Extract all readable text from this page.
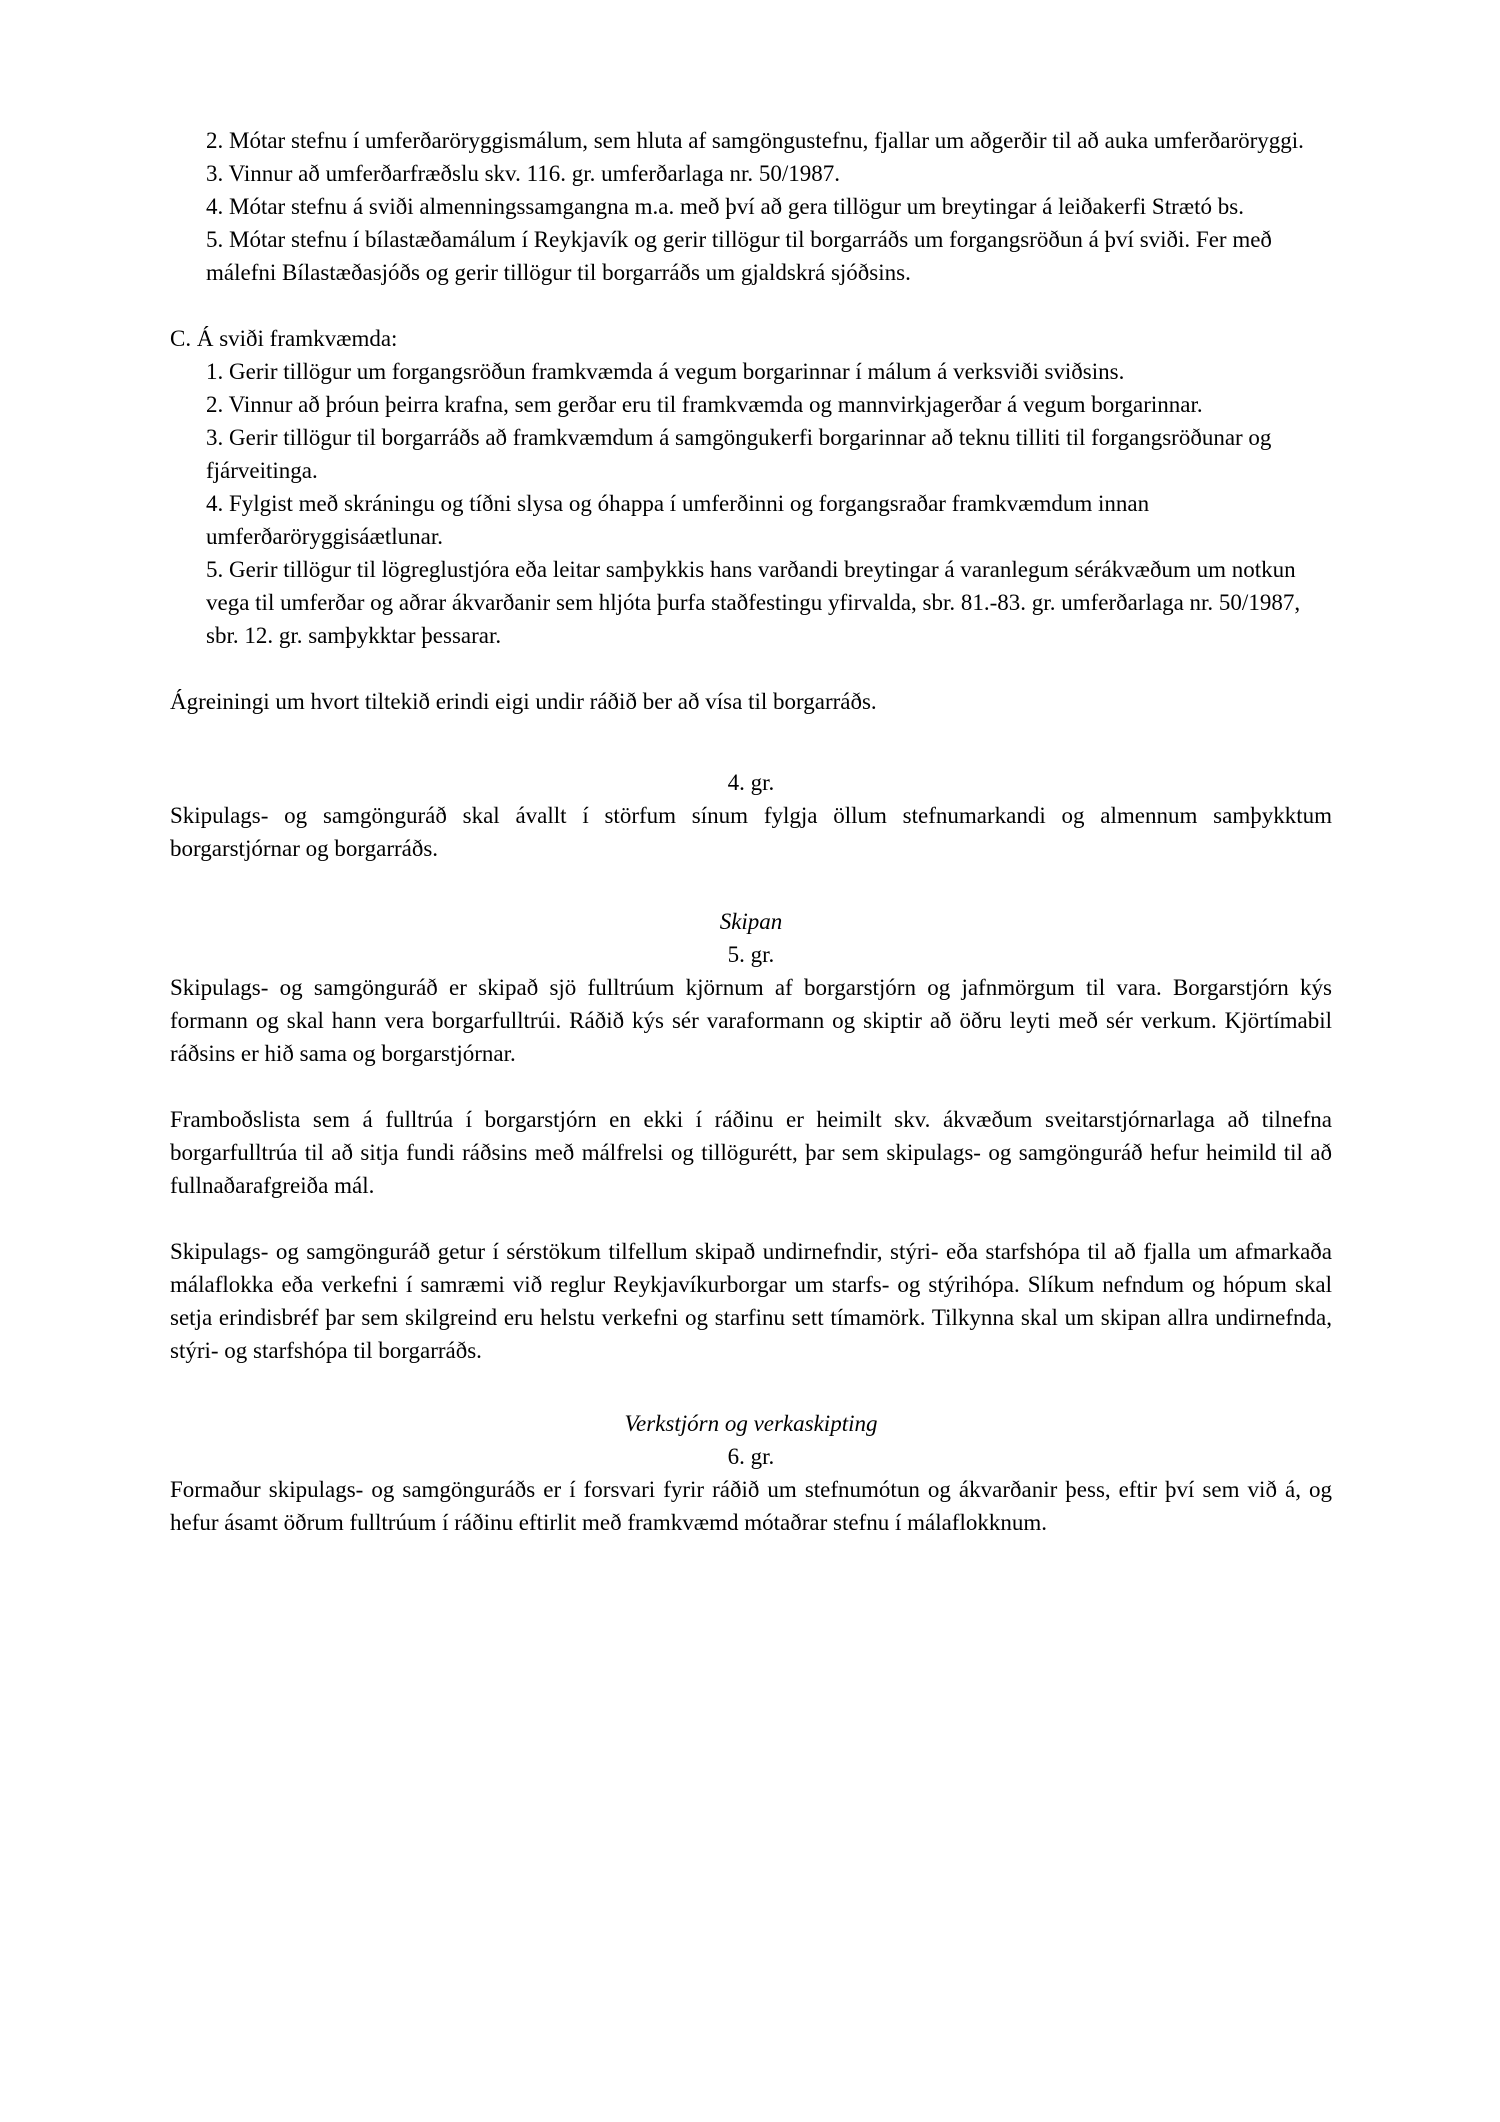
2. Mótar stefnu í umferðaröryggismálum, sem hluta af samgöngustefnu, fjallar um aðgerðir til að auka umferðaröryggi.

3. Vinnur að umferðarfræðslu skv. 116. gr. umferðarlaga nr. 50/1987.

4. Mótar stefnu á sviði almenningssamgangna m.a. með því að gera tillögur um breytingar á leiðakerfi Strætó bs.

5. Mótar stefnu í bílastæðamálum í Reykjavík og gerir tillögur til borgarráðs um forgangsröðun á því sviði. Fer með málefni Bílastæðasjóðs og gerir tillögur til borgarráðs um gjaldskrá sjóðsins.

C. Á sviði framkvæmda:

1. Gerir tillögur um forgangsröðun framkvæmda á vegum borgarinnar í málum á verksviði sviðsins.

2. Vinnur að þróun þeirra krafna, sem gerðar eru til framkvæmda og mannvirkjagerðar á vegum borgarinnar.

3. Gerir tillögur til borgarráðs að framkvæmdum á samgöngukerfi borgarinnar að teknu tilliti til forgangsröðunar og fjárveitinga.

4. Fylgist með skráningu og tíðni slysa og óhappa í umferðinni og forgangsraðar framkvæmdum innan umferðaröryggisáætlunar.

5. Gerir tillögur til lögreglustjóra eða leitar samþykkis hans varðandi breytingar á varanlegum sérákvæðum um notkun vega til umferðar og aðrar ákvarðanir sem hljóta þurfa staðfestingu yfirvalda, sbr. 81.-83. gr. umferðarlaga nr. 50/1987, sbr. 12. gr. samþykktar þessarar.

Ágreiningi um hvort tiltekið erindi eigi undir ráðið ber að vísa til borgarráðs.

4. gr.

Skipulags- og samgönguráð skal ávallt í störfum sínum fylgja öllum stefnumarkandi og almennum samþykktum borgarstjórnar og borgarráðs.

Skipan

5. gr.

Skipulags- og samgönguráð er skipað sjö fulltrúum kjörnum af borgarstjórn og jafnmörgum til vara. Borgarstjórn kýs formann og skal hann vera borgarfulltrúi. Ráðið kýs sér varaformann og skiptir að öðru leyti með sér verkum. Kjörtímabil ráðsins er hið sama og borgarstjórnar.

Framboðslista sem á fulltrúa í borgarstjórn en ekki í ráðinu er heimilt skv. ákvæðum sveitarstjórnarlaga að tilnefna borgarfulltrúa til að sitja fundi ráðsins með málfrelsi og tillögurétt, þar sem skipulags- og samgönguráð hefur heimild til að fullnaðarafgreiða mál.

Skipulags- og samgönguráð getur í sérstökum tilfellum skipað undirnefndir, stýri- eða starfshópa til að fjalla um afmarkaða málaflokka eða verkefni í samræmi við reglur Reykjavíkurborgar um starfs- og stýrihópa. Slíkum nefndum og hópum skal setja erindisbréf þar sem skilgreind eru helstu verkefni og starfinu sett tímamörk. Tilkynna skal um skipan allra undirnefnda, stýri- og starfshópa til borgarráðs.

Verkstjórn og verkaskipting

6. gr.

Formaður skipulags- og samgönguráðs er í forsvari fyrir ráðið um stefnumótun og ákvarðanir þess, eftir því sem við á, og hefur ásamt öðrum fulltrúum í ráðinu eftirlit með framkvæmd mótaðrar stefnu í málaflokknum.
